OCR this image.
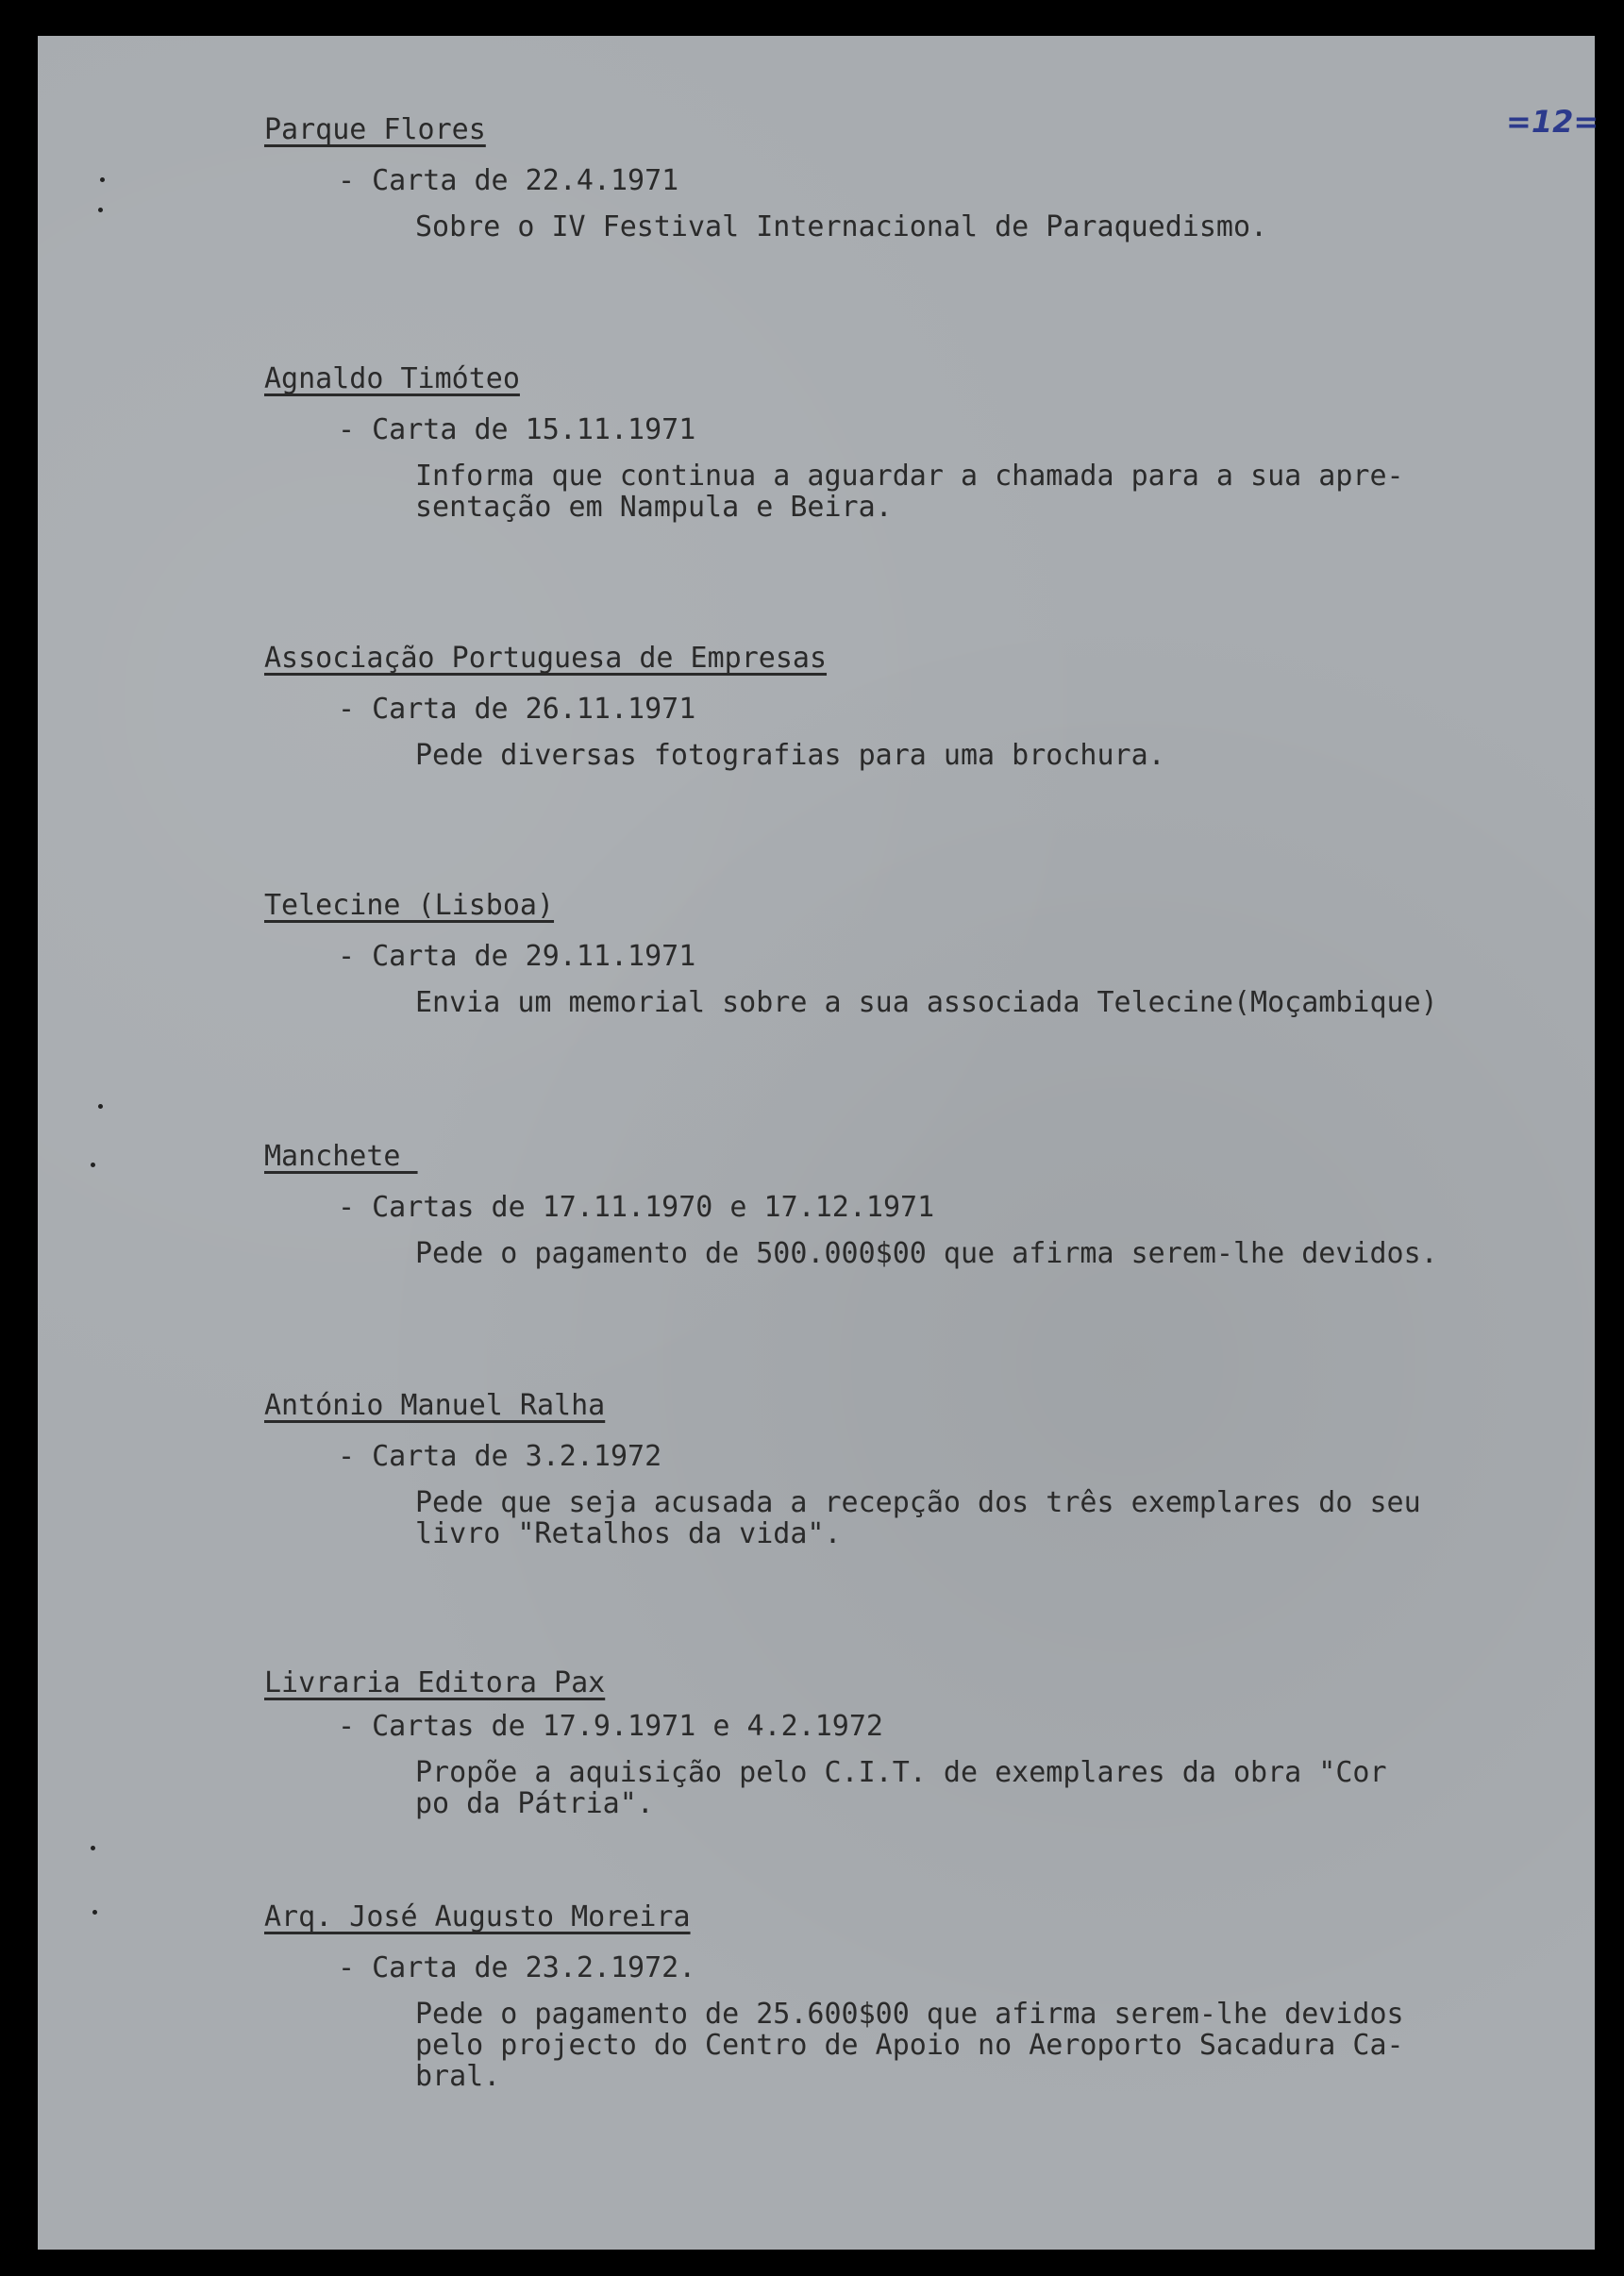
=12=

Parque Flores

- Carta de 22.4.1971

Sobre o IV Festival Internacional de Paraquedismo.

Agnaldo Timóteo

- Carta de 15.11.1971

Informa que continua a aguardar a chamada para a sua apre-
sentação em Nampula e Beira.

Associação Portuguesa de Empresas

- Carta de 26.11.1971

Pede diversas fotografias para uma brochura.

Telecine (Lisboa)

- Carta de 29.11.1971

Envia um memorial sobre a sua associada Telecine(Moçambique)

Manchete

- Cartas de 17.11.1970 e 17.12.1971

Pede o pagamento de 500.000$00 que afirma serem-lhe devidos.

António Manuel Ralha

- Carta de 3.2.1972

Pede que seja acusada a recepção dos três exemplares do seu
livro "Retalhos da vida".

Livraria Editora Pax

- Cartas de 17.9.1971 e 4.2.1972

Propõe a aquisição pelo C.I.T. de exemplares da obra "Cor
po da Pátria".

Arq. José Augusto Moreira

- Carta de 23.2.1972.

Pede o pagamento de 25.600$00 que afirma serem-lhe devidos
pelo projecto do Centro de Apoio no Aeroporto Sacadura Ca-
bral.
